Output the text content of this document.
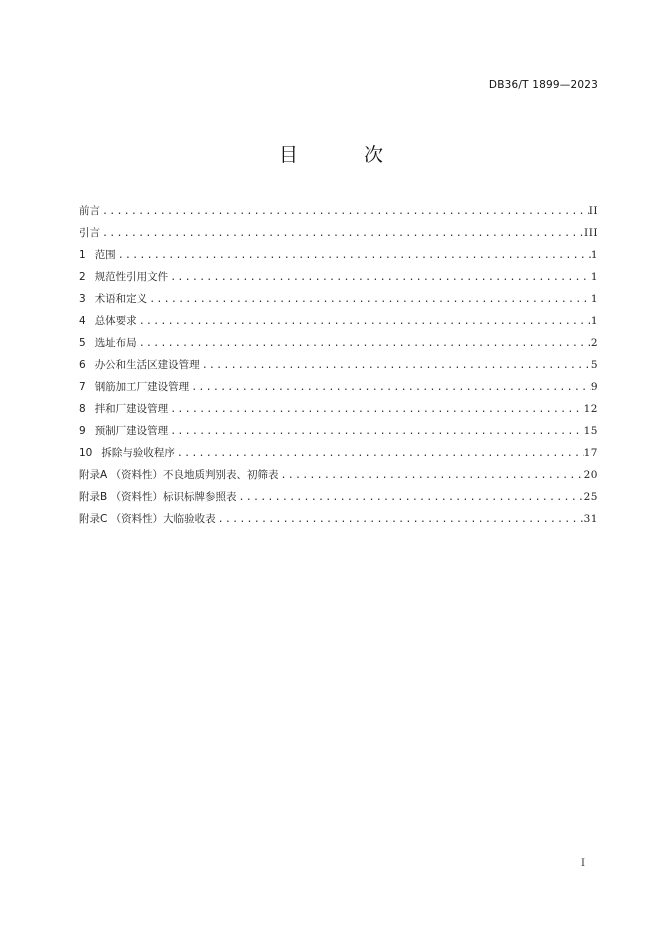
DB36/T 1899—2023
目 次
前言 .....	II
引言 .....	III
1 范围 .....	1
2 规范性引用文件 .....	1
3 术语和定义 .....	1
4 总体要求 .....	1
5 选址布局 .....	2
6 办公和生活区建设管理 .....	5
7 钢筋加工厂建设管理 .....	9
8 拌和厂建设管理 .....	12
9 预制厂建设管理 .....	15
10 拆除与验收程序 .....	17
附录A （资料性）不良地质判别表、初筛表 .....	20
附录B （资料性）标识标牌参照表 .....	25
附录C （资料性）大临验收表 .....	31
I
